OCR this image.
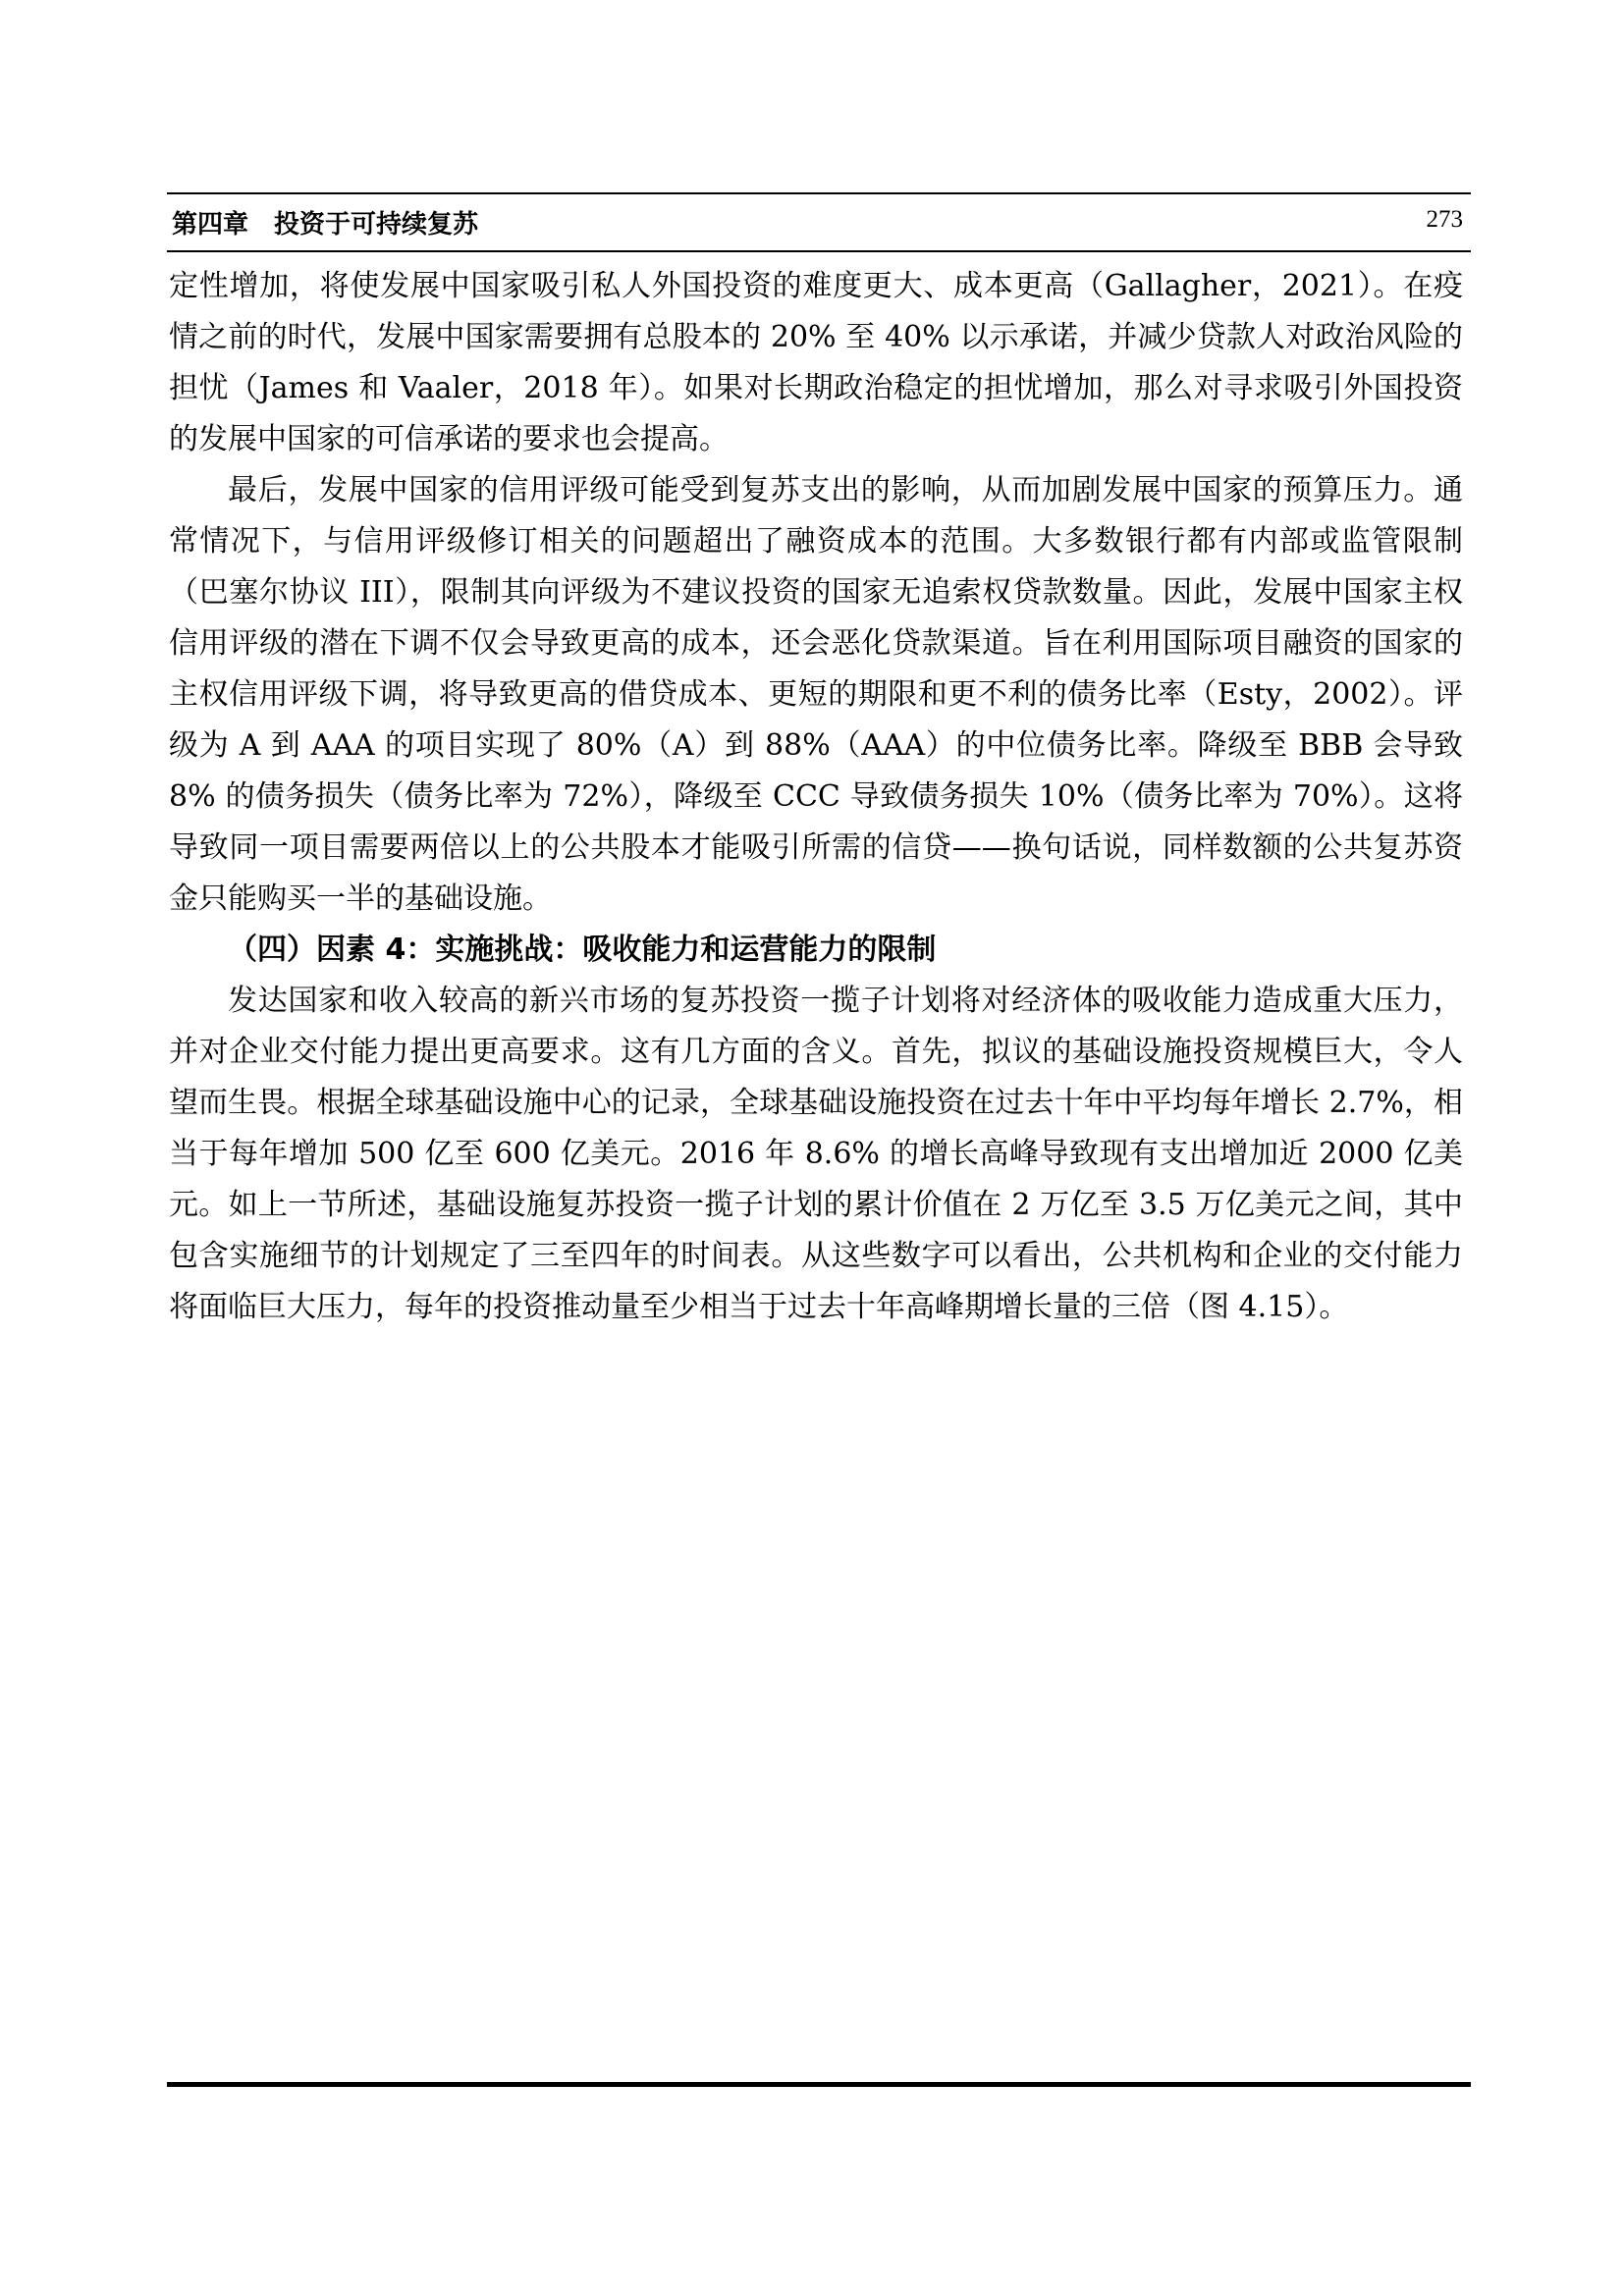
第四章　投资于可持续复苏	273

定性增加，将使发展中国家吸引私人外国投资的难度更大、成本更高（Gallagher，2021）。在疫情之前的时代，发展中国家需要拥有总股本的 20% 至 40% 以示承诺，并减少贷款人对政治风险的担忧（James 和 Vaaler，2018 年）。如果对长期政治稳定的担忧增加，那么对寻求吸引外国投资的发展中国家的可信承诺的要求也会提高。

最后，发展中国家的信用评级可能受到复苏支出的影响，从而加剧发展中国家的预算压力。通常情况下，与信用评级修订相关的问题超出了融资成本的范围。大多数银行都有内部或监管限制（巴塞尔协议 III），限制其向评级为不建议投资的国家无追索权贷款数量。因此，发展中国家主权信用评级的潜在下调不仅会导致更高的成本，还会恶化贷款渠道。旨在利用国际项目融资的国家的主权信用评级下调，将导致更高的借贷成本、更短的期限和更不利的债务比率（Esty，2002）。评级为 A 到 AAA 的项目实现了 80%（A）到 88%（AAA）的中位债务比率。降级至 BBB 会导致 8% 的债务损失（债务比率为 72%），降级至 CCC 导致债务损失 10%（债务比率为 70%）。这将导致同一项目需要两倍以上的公共股本才能吸引所需的信贷——换句话说，同样数额的公共复苏资金只能购买一半的基础设施。

（四）因素 4：实施挑战：吸收能力和运营能力的限制

发达国家和收入较高的新兴市场的复苏投资一揽子计划将对经济体的吸收能力造成重大压力，并对企业交付能力提出更高要求。这有几方面的含义。首先，拟议的基础设施投资规模巨大，令人望而生畏。根据全球基础设施中心的记录，全球基础设施投资在过去十年中平均每年增长 2.7%，相当于每年增加 500 亿至 600 亿美元。2016 年 8.6% 的增长高峰导致现有支出增加近 2000 亿美元。如上一节所述，基础设施复苏投资一揽子计划的累计价值在 2 万亿至 3.5 万亿美元之间，其中包含实施细节的计划规定了三至四年的时间表。从这些数字可以看出，公共机构和企业的交付能力将面临巨大压力，每年的投资推动量至少相当于过去十年高峰期增长量的三倍（图 4.15）。
